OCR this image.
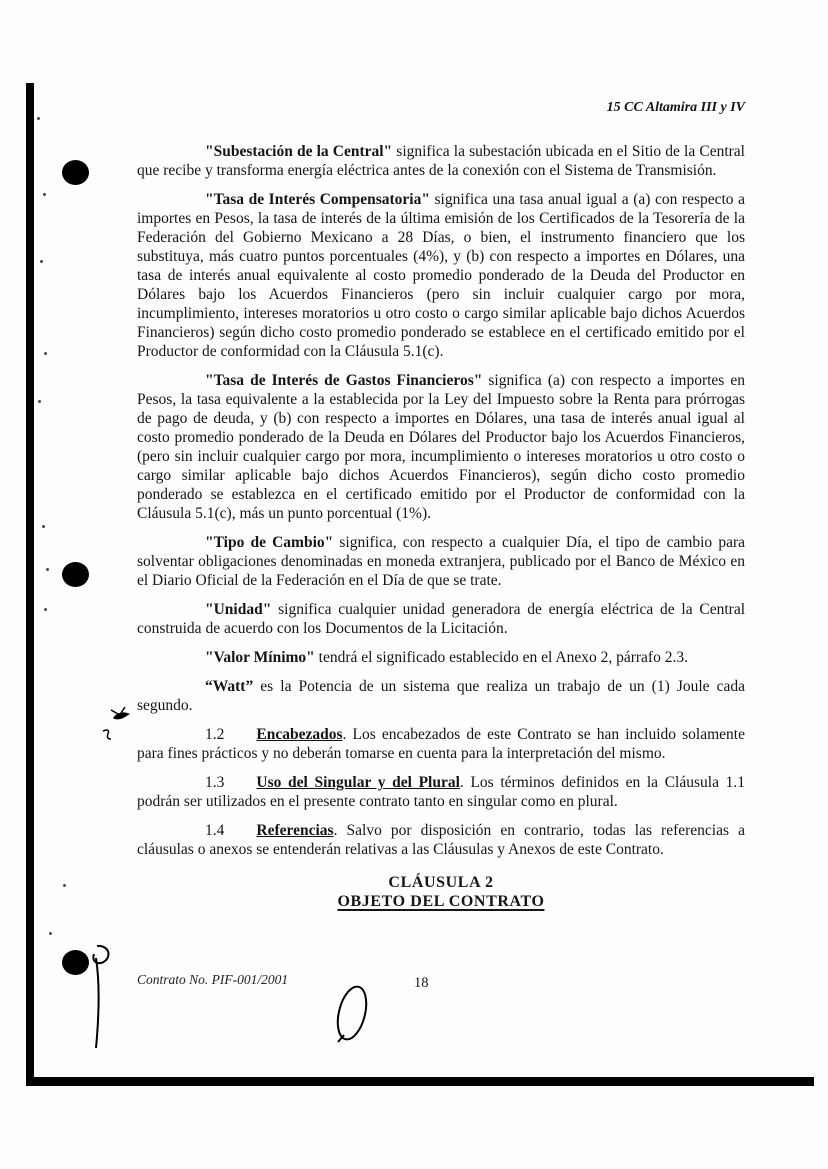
15 CC Altamira III y IV

"Subestación de la Central" significa la subestación ubicada en el Sitio de la Central que recibe y transforma energía eléctrica antes de la conexión con el Sistema de Transmisión.

"Tasa de Interés Compensatoria" significa una tasa anual igual a (a) con respecto a importes en Pesos, la tasa de interés de la última emisión de los Certificados de la Tesorería de la Federación del Gobierno Mexicano a 28 Días, o bien, el instrumento financiero que los substituya, más cuatro puntos porcentuales (4%), y (b) con respecto a importes en Dólares, una tasa de interés anual equivalente al costo promedio ponderado de la Deuda del Productor en Dólares bajo los Acuerdos Financieros (pero sin incluir cualquier cargo por mora, incumplimiento, intereses moratorios u otro costo o cargo similar aplicable bajo dichos Acuerdos Financieros) según dicho costo promedio ponderado se establece en el certificado emitido por el Productor de conformidad con la Cláusula 5.1(c).

"Tasa de Interés de Gastos Financieros" significa (a) con respecto a importes en Pesos, la tasa equivalente a la establecida por la Ley del Impuesto sobre la Renta para prórrogas de pago de deuda, y (b) con respecto a importes en Dólares, una tasa de interés anual igual al costo promedio ponderado de la Deuda en Dólares del Productor bajo los Acuerdos Financieros, (pero sin incluir cualquier cargo por mora, incumplimiento o intereses moratorios u otro costo o cargo similar aplicable bajo dichos Acuerdos Financieros), según dicho costo promedio ponderado se establezca en el certificado emitido por el Productor de conformidad con la Cláusula 5.1(c), más un punto porcentual (1%).

"Tipo de Cambio" significa, con respecto a cualquier Día, el tipo de cambio para solventar obligaciones denominadas en moneda extranjera, publicado por el Banco de México en el Diario Oficial de la Federación en el Día de que se trate.

"Unidad" significa cualquier unidad generadora de energía eléctrica de la Central construida de acuerdo con los Documentos de la Licitación.

"Valor Mínimo" tendrá el significado establecido en el Anexo 2, párrafo 2.3.

“Watt” es la Potencia de un sistema que realiza un trabajo de un (1) Joule cada segundo.

1.2 Encabezados. Los encabezados de este Contrato se han incluido solamente para fines prácticos y no deberán tomarse en cuenta para la interpretación del mismo.

1.3 Uso del Singular y del Plural. Los términos definidos en la Cláusula 1.1 podrán ser utilizados en el presente contrato tanto en singular como en plural.

1.4 Referencias. Salvo por disposición en contrario, todas las referencias a cláusulas o anexos se entenderán relativas a las Cláusulas y Anexos de este Contrato.

CLÁUSULA 2
OBJETO DEL CONTRATO
Contrato No. PIF-001/2001	18
